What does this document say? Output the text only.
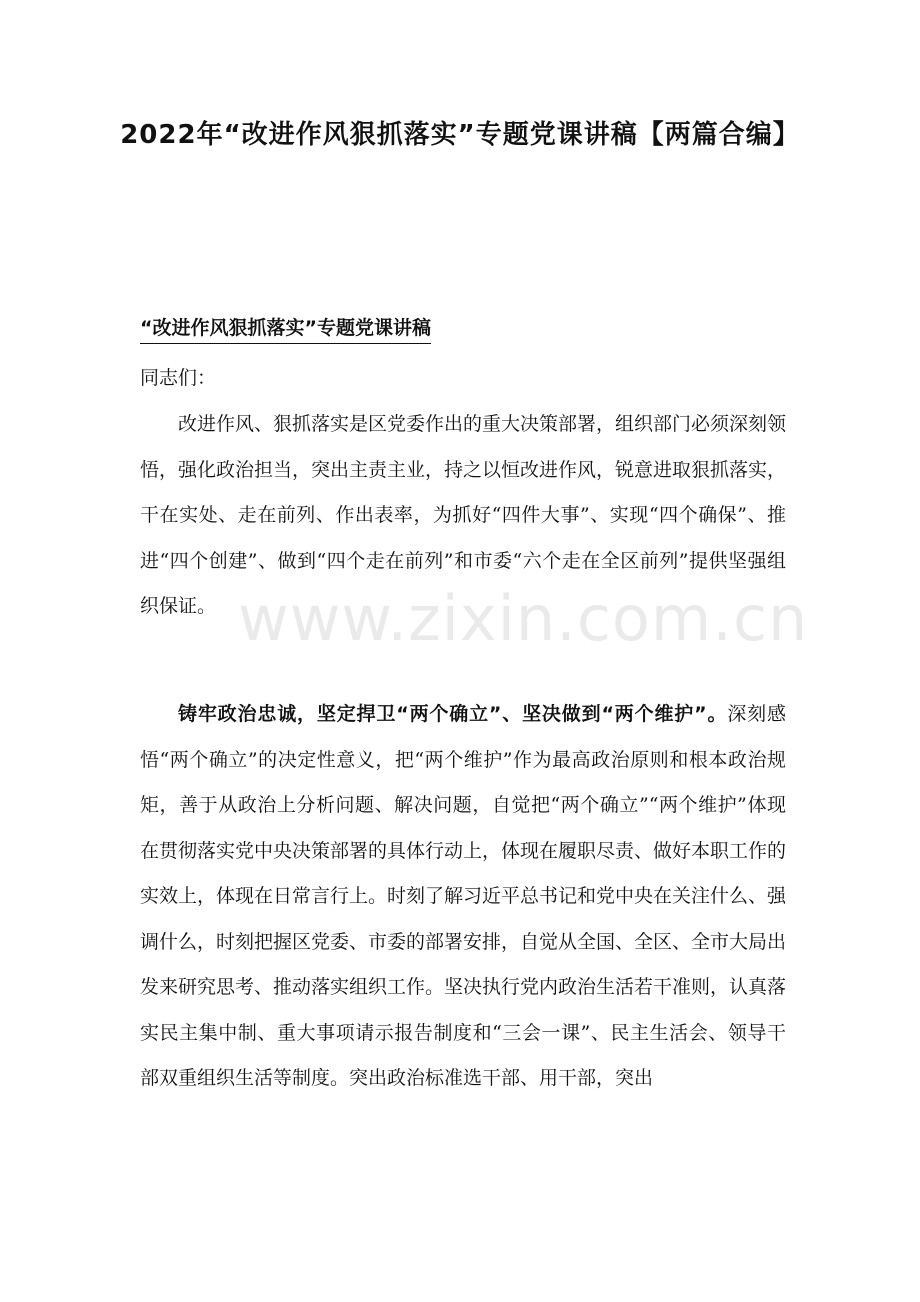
2022年“改进作风狠抓落实”专题党课讲稿【两篇合编】
“改进作风狠抓落实”专题党课讲稿
同志们：

改进作风、狠抓落实是区党委作出的重大决策部署，组织部门必须深刻领悟，强化政治担当，突出主责主业，持之以恒改进作风，锐意进取狠抓落实，干在实处、走在前列、作出表率，为抓好“四件大事”、实现“四个确保”、推进“四个创建”、做到“四个走在前列”和市委“六个走在全区前列”提供坚强组织保证。

铸牢政治忠诚，坚定捍卫“两个确立”、坚决做到“两个维护”。深刻感悟“两个确立”的决定性意义，把“两个维护”作为最高政治原则和根本政治规矩，善于从政治上分析问题、解决问题，自觉把“两个确立”“两个维护”体现在贯彻落实党中央决策部署的具体行动上，体现在履职尽责、做好本职工作的实效上，体现在日常言行上。时刻了解习近平总书记和党中央在关注什么、强调什么，时刻把握区党委、市委的部署安排，自觉从全国、全区、全市大局出发来研究思考、推动落实组织工作。坚决执行党内政治生活若干准则，认真落实民主集中制、重大事项请示报告制度和“三会一课”、民主生活会、领导干部双重组织生活等制度。突出政治标准选干部、用干部，突出

www.zixin.com.cn
